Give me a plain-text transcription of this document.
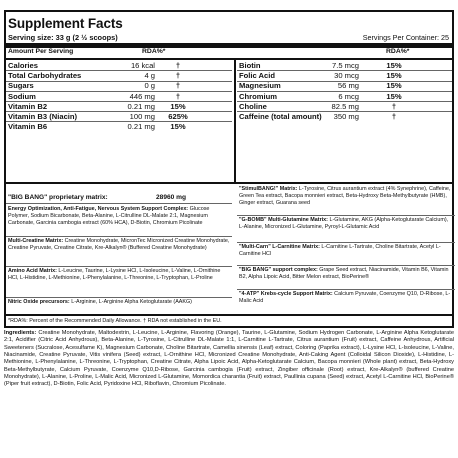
Supplement Facts
Serving size: 33 g (2 ½ scoops)	Servings Per Container: 25
Amount Per Serving	RDA%*	RDA%*
Calories	16 kcal	†
Total Carbohydrates	4 g	†
Sugars	0 g	†
Sodium	446 mg	†
Vitamin B2	0.21 mg	15%
Vitamin B3 (Niacin)	100 mg	625%
Vitamin B6	0.21 mg	15%
Biotin	7.5 mcg	15%
Folic Acid	30 mcg	15%
Magnesium	56 mg	15%
Chromium	6 mcg	15%
Choline	82.5 mg	†
Caffeine (total amount)	350 mg	†
"BIG BANG" proprietary matrix:	28960 mg
Energy Optimization, Anti-Fatigue, Nervous System Support Complex: Glucose Polymer, Sodium Bicarbonate, Beta-Alanine, L-Citrulline DL-Malate 2:1, Magnesium Carbonate, Garcinia cambogia extract (60% HCA), D-Biotin, Chromium Picolinate
Multi-Creatine Matrix: Creatine Monohydrate, MicronTec Micronized Creatine Monohydrate, Creatine Pyruvate, Creatine Citrate, Kre-Alkalyn® (Buffered Creatine Monohydrate)
Amino Acid Matrix: L-Leucine, Taurine, L-Lysine HCl, L-Isoleucine, L-Valine, L-Ornithine HCl, L-Histidine, L-Methionine, L-Phenylalanine, L-Threonine, L-Tryptophan, L-Proline
Nitric Oxide precursors: L-Arginine, L-Arginine Alpha Ketoglutarate (AAKG)
"StimulBANG!" Matrix: L-Tyrosine, Citrus aurantium extract (4% Synephrine), Caffeine, Green Tea extract, Bacopa monnieri extract, Beta-Hydroxy Beta-Methylbutyrate (HMB), Ginger extract, Guarana seed
"G-BOMB" Multi-Glutamine Matrix: L-Glutamine, AKG (Alpha-Ketoglutarate Calcium), L-Alanine, Micronized L-Glutamine, Pyroyl-L-Glutamic Acid
"Multi-Carn" L-Carnitine Matrix: L-Carnitine L-Tartrate, Choline Bitartrate, Acetyl L-Carnitine HCl
"BIG BANG" support complex: Grape Seed extract, Niacinamide, Vitamin B6, Vitamin B2, Alpha Lipoic Acid, Bitter Melon extract, BioPerine®
"4-ATP" Krebs-cycle Support Matrix: Calcium Pyruvate, Coenzyme Q10, D-Ribose, L-Malic Acid
*RDA%: Percent of the Recommended Daily Allowance. † RDA not established in the EU.
Ingredients: Creatine Monohydrate, Maltodextrin, L-Leucine, L-Arginine, Flavoring (Orange), Taurine, L-Glutamine, Sodium Hydrogen Carbonate, L-Arginine Alpha Ketoglutarate 2:1, Acidifier (Citric Acid Anhydrous), Beta-Alanine, L-Tyrosine, L-Citrulline DL-Malate 1:1, L-Carnitine L-Tartrate, Citrus aurantium (Fruit) extract, Caffeine Anhydrous, Artificial Sweeteners (Sucralose, Acesulfame K), Magnesium Carbonate, Choline Bitartrate, Camellia sinensis (Leaf) extract, Coloring (Paprika extract), L-Lysine HCl, L-Isoleucine, L-Valine, Niacinamide, Creatine Pyruvate, Vitis vinifera (Seed) extract, L-Ornithine HCl, Micronized Creatine Monohydrate, Anti-Caking Agent (Colloidal Silicon Dioxide), L-Histidine, L-Methionine, L-Phenylalanine, L-Threonine, L-Tryptophan, Creatine Citrate, Alpha Lipoic Acid, Alpha-Ketoglutarate Calcium, Bacopa monnieri (Whole plant) extract, Beta-Hydroxy Beta-Methylbutyrate, Calcium Pyruvate, Coenzyme Q10,D-Ribose, Garcinia cambogia (Fruit) extract, Zingiber officinale (Root) extract, Kre-Alkalyn® (buffered Creatine Monohydrate), L-Alanine, L-Proline, L-Malic Acid, Micronized L-Glutamine, Momordica charantia (Fruit) extract, Paullinia cupana (Seed) extract, Acetyl L-Carnitine HCl, BioPerine® (Piper fruit extract), D-Biotin, Folic Acid, Pyridoxine HCl, Riboflavin, Chromium Picolinate.
